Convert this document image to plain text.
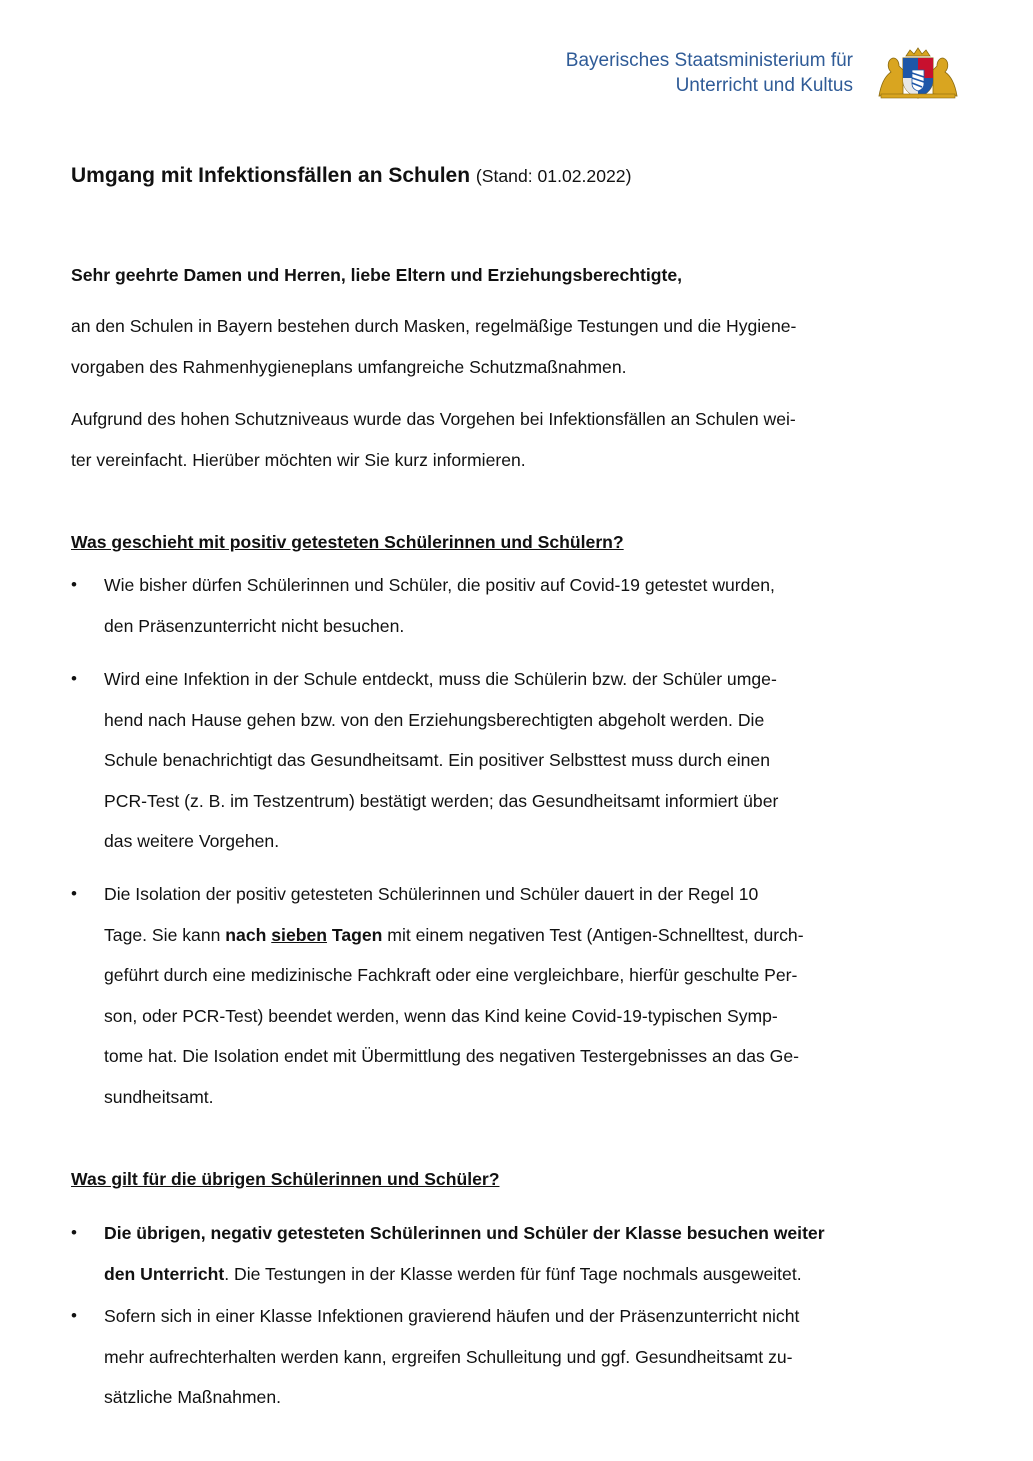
Bayerisches Staatsministerium für
Unterricht und Kultus
Umgang mit Infektionsfällen an Schulen (Stand: 01.02.2022)
Sehr geehrte Damen und Herren, liebe Eltern und Erziehungsberechtigte,
an den Schulen in Bayern bestehen durch Masken, regelmäßige Testungen und die Hygiene-
vorgaben des Rahmenhygieneplans umfangreiche Schutzmaßnahmen.
Aufgrund des hohen Schutzniveaus wurde das Vorgehen bei Infektionsfällen an Schulen wei-
ter vereinfacht. Hierüber möchten wir Sie kurz informieren.
Was geschieht mit positiv getesteten Schülerinnen und Schülern?
• Wie bisher dürfen Schülerinnen und Schüler, die positiv auf Covid-19 getestet wurden,
den Präsenzunterricht nicht besuchen.
• Wird eine Infektion in der Schule entdeckt, muss die Schülerin bzw. der Schüler umge-
hend nach Hause gehen bzw. von den Erziehungsberechtigten abgeholt werden. Die
Schule benachrichtigt das Gesundheitsamt. Ein positiver Selbsttest muss durch einen
PCR-Test (z. B. im Testzentrum) bestätigt werden; das Gesundheitsamt informiert über
das weitere Vorgehen.
• Die Isolation der positiv getesteten Schülerinnen und Schüler dauert in der Regel 10
Tage. Sie kann nach sieben Tagen mit einem negativen Test (Antigen-Schnelltest, durch-
geführt durch eine medizinische Fachkraft oder eine vergleichbare, hierfür geschulte Per-
son, oder PCR-Test) beendet werden, wenn das Kind keine Covid-19-typischen Symp-
tome hat. Die Isolation endet mit Übermittlung des negativen Testergebnisses an das Ge-
sundheitsamt.
Was gilt für die übrigen Schülerinnen und Schüler?
• Die übrigen, negativ getesteten Schülerinnen und Schüler der Klasse besuchen weiter
den Unterricht. Die Testungen in der Klasse werden für fünf Tage nochmals ausgeweitet.
• Sofern sich in einer Klasse Infektionen gravierend häufen und der Präsenzunterricht nicht
mehr aufrechterhalten werden kann, ergreifen Schulleitung und ggf. Gesundheitsamt zu-
sätzliche Maßnahmen.
